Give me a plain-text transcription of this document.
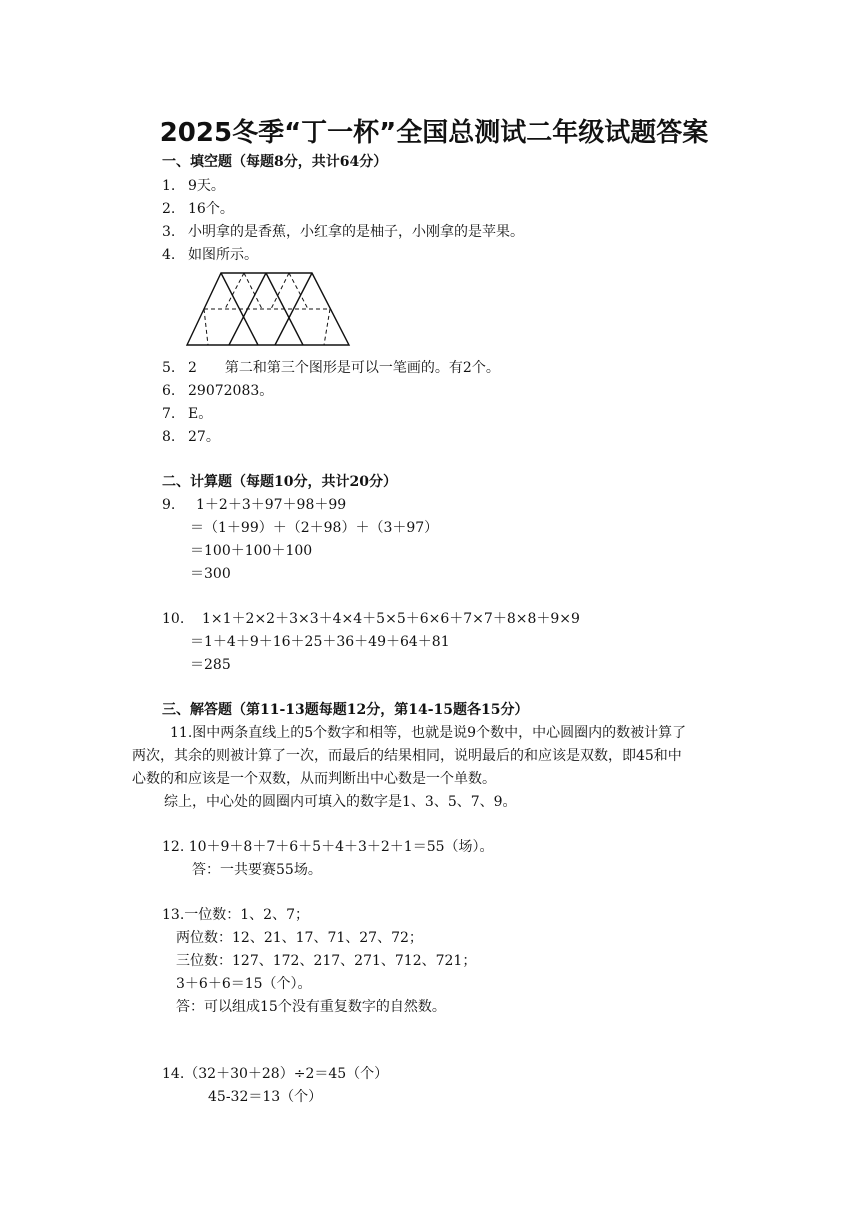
2025冬季“丁一杯”全国总测试二年级试题答案
一、填空题（每题8分，共计64分）
1. 9天。
2. 16个。
3. 小明拿的是香蕉，小红拿的是柚子，小刚拿的是苹果。
4. 如图所示。
5. 2　　第二和第三个图形是可以一笔画的。有2个。
6. 29072083。
7. E。
8. 27。
二、计算题（每题10分，共计20分）
9. 1＋2＋3＋97＋98＋99
＝（1＋99）＋（2＋98）＋（3＋97）
＝100＋100＋100
＝300
10. 1×1＋2×2＋3×3＋4×4＋5×5＋6×6＋7×7＋8×8＋9×9
＝1＋4＋9＋16＋25＋36＋49＋64＋81
＝285
三、解答题（第11-13题每题12分，第14-15题各15分）
11.图中两条直线上的5个数字和相等，也就是说9个数中，中心圆圈内的数被计算了
两次，其余的则被计算了一次，而最后的结果相同，说明最后的和应该是双数，即45和中
心数的和应该是一个双数，从而判断出中心数是一个单数。
综上，中心处的圆圈内可填入的数字是1、3、5、7、9。
12. 10＋9＋8＋7＋6＋5＋4＋3＋2＋1＝55（场）。
答：一共要赛55场。
13.一位数：1、2、7；
两位数：12、21、17、71、27、72；
三位数：127、172、217、271、712、721；
3＋6＋6＝15（个）。
答：可以组成15个没有重复数字的自然数。
14.（32＋30＋28）÷2＝45（个）
45-32＝13（个）
